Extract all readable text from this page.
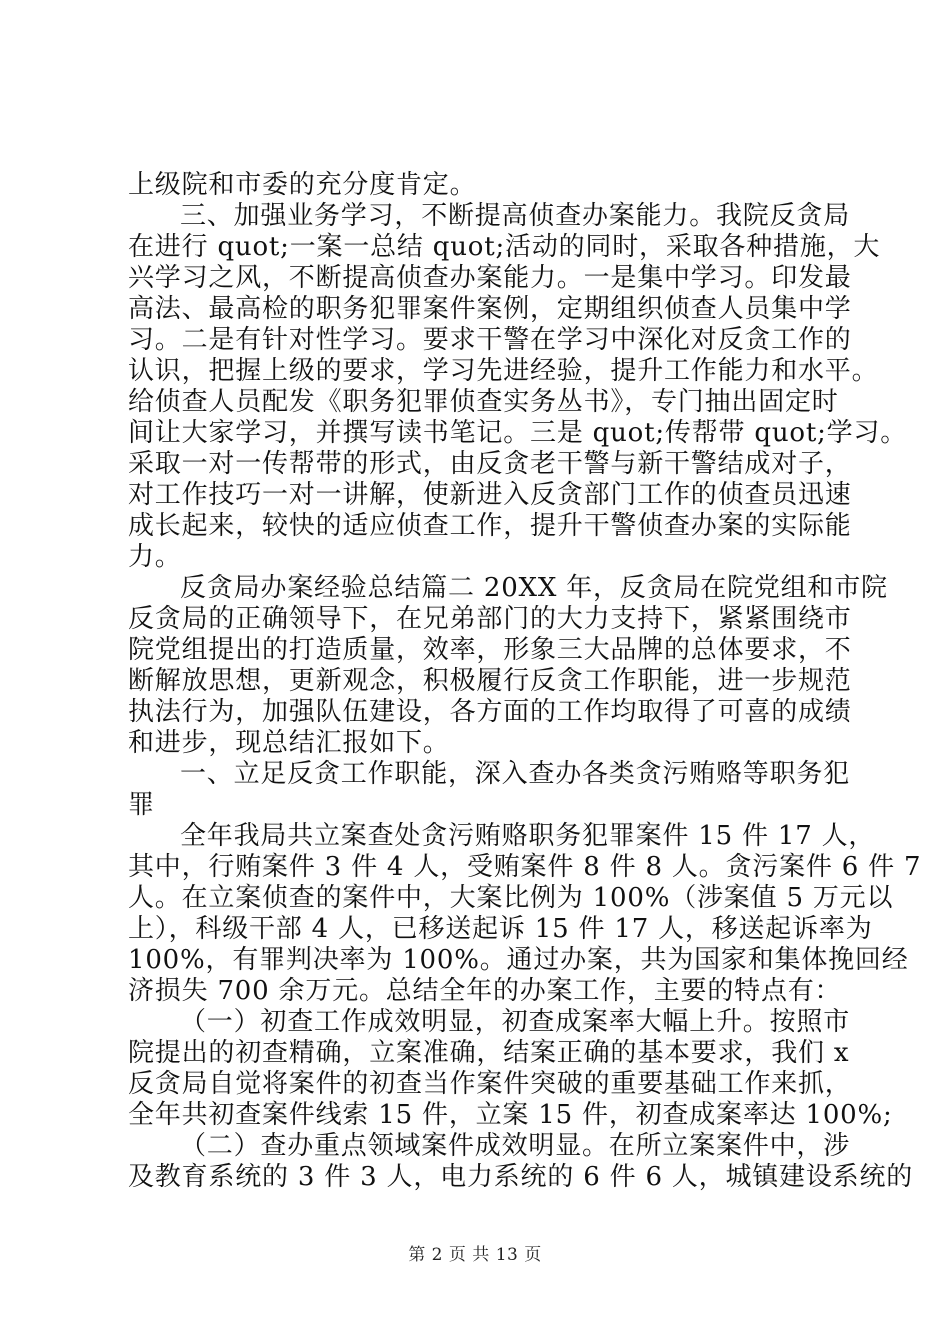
上级院和市委的充分度肯定。
三、加强业务学习，不断提高侦查办案能力。我院反贪局
在进行 quot;一案一总结 quot;活动的同时，采取各种措施，大
兴学习之风，不断提高侦查办案能力。一是集中学习。印发最
高法、最高检的职务犯罪案件案例，定期组织侦查人员集中学
习。二是有针对性学习。要求干警在学习中深化对反贪工作的
认识，把握上级的要求，学习先进经验，提升工作能力和水平。
给侦查人员配发《职务犯罪侦查实务丛书》，专门抽出固定时
间让大家学习，并撰写读书笔记。三是 quot;传帮带 quot;学习。
采取一对一传帮带的形式，由反贪老干警与新干警结成对子，
对工作技巧一对一讲解，使新进入反贪部门工作的侦查员迅速
成长起来，较快的适应侦查工作，提升干警侦查办案的实际能
力。
反贪局办案经验总结篇二 20XX 年，反贪局在院党组和市院
反贪局的正确领导下，在兄弟部门的大力支持下，紧紧围绕市
院党组提出的打造质量，效率，形象三大品牌的总体要求，不
断解放思想，更新观念，积极履行反贪工作职能，进一步规范
执法行为，加强队伍建设，各方面的工作均取得了可喜的成绩
和进步，现总结汇报如下。
一、立足反贪工作职能，深入查办各类贪污贿赂等职务犯
罪
全年我局共立案查处贪污贿赂职务犯罪案件 15 件 17 人，
其中，行贿案件 3 件 4 人，受贿案件 8 件 8 人。贪污案件 6 件 7
人。在立案侦查的案件中，大案比例为 100%（涉案值 5 万元以
上），科级干部 4 人，已移送起诉 15 件 17 人，移送起诉率为
100%，有罪判决率为 100%。通过办案，共为国家和集体挽回经
济损失 700 余万元。总结全年的办案工作，主要的特点有：
（一）初查工作成效明显，初查成案率大幅上升。按照市
院提出的初查精确，立案准确，结案正确的基本要求，我们 x
反贪局自觉将案件的初查当作案件突破的重要基础工作来抓，
全年共初查案件线索 15 件，立案 15 件，初查成案率达 100%;
（二）查办重点领域案件成效明显。在所立案案件中，涉
及教育系统的 3 件 3 人，电力系统的 6 件 6 人，城镇建设系统的
第 2 页 共 13 页
